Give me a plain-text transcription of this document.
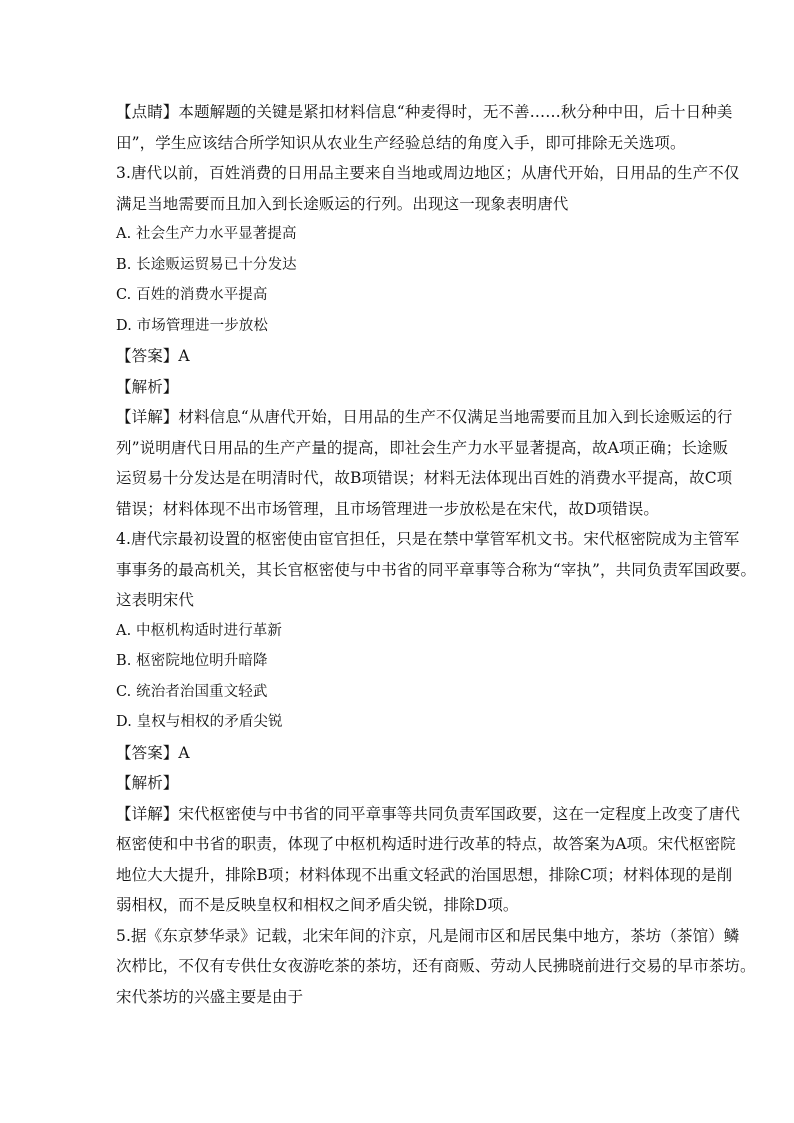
【点睛】本题解题的关键是紧扣材料信息“种麦得时，无不善……秋分种中田，后十日种美
田”，学生应该结合所学知识从农业生产经验总结的角度入手，即可排除无关选项。
3.唐代以前，百姓消费的日用品主要来自当地或周边地区；从唐代开始，日用品的生产不仅
满足当地需要而且加入到长途贩运的行列。出现这一现象表明唐代
A. 社会生产力水平显著提高
B. 长途贩运贸易已十分发达
C. 百姓的消费水平提高
D. 市场管理进一步放松
【答案】A
【解析】
【详解】材料信息“从唐代开始，日用品的生产不仅满足当地需要而且加入到长途贩运的行
列”说明唐代日用品的生产产量的提高，即社会生产力水平显著提高，故A项正确；长途贩
运贸易十分发达是在明清时代，故B项错误；材料无法体现出百姓的消费水平提高，故C项
错误；材料体现不出市场管理，且市场管理进一步放松是在宋代，故D项错误。
4.唐代宗最初设置的枢密使由宦官担任，只是在禁中掌管军机文书。宋代枢密院成为主管军
事事务的最高机关，其长官枢密使与中书省的同平章事等合称为“宰执”，共同负责军国政要。
这表明宋代
A. 中枢机构适时进行革新
B. 枢密院地位明升暗降
C. 统治者治国重文轻武
D. 皇权与相权的矛盾尖锐
【答案】A
【解析】
【详解】宋代枢密使与中书省的同平章事等共同负责军国政要，这在一定程度上改变了唐代
枢密使和中书省的职责，体现了中枢机构适时进行改革的特点，故答案为A项。宋代枢密院
地位大大提升，排除B项；材料体现不出重文轻武的治国思想，排除C项；材料体现的是削
弱相权，而不是反映皇权和相权之间矛盾尖锐，排除D项。
5.据《东京梦华录》记载，北宋年间的汴京，凡是闹市区和居民集中地方，茶坊（茶馆）鳞
次栉比，不仅有专供仕女夜游吃茶的茶坊，还有商贩、劳动人民拂晓前进行交易的早市茶坊。
宋代茶坊的兴盛主要是由于
